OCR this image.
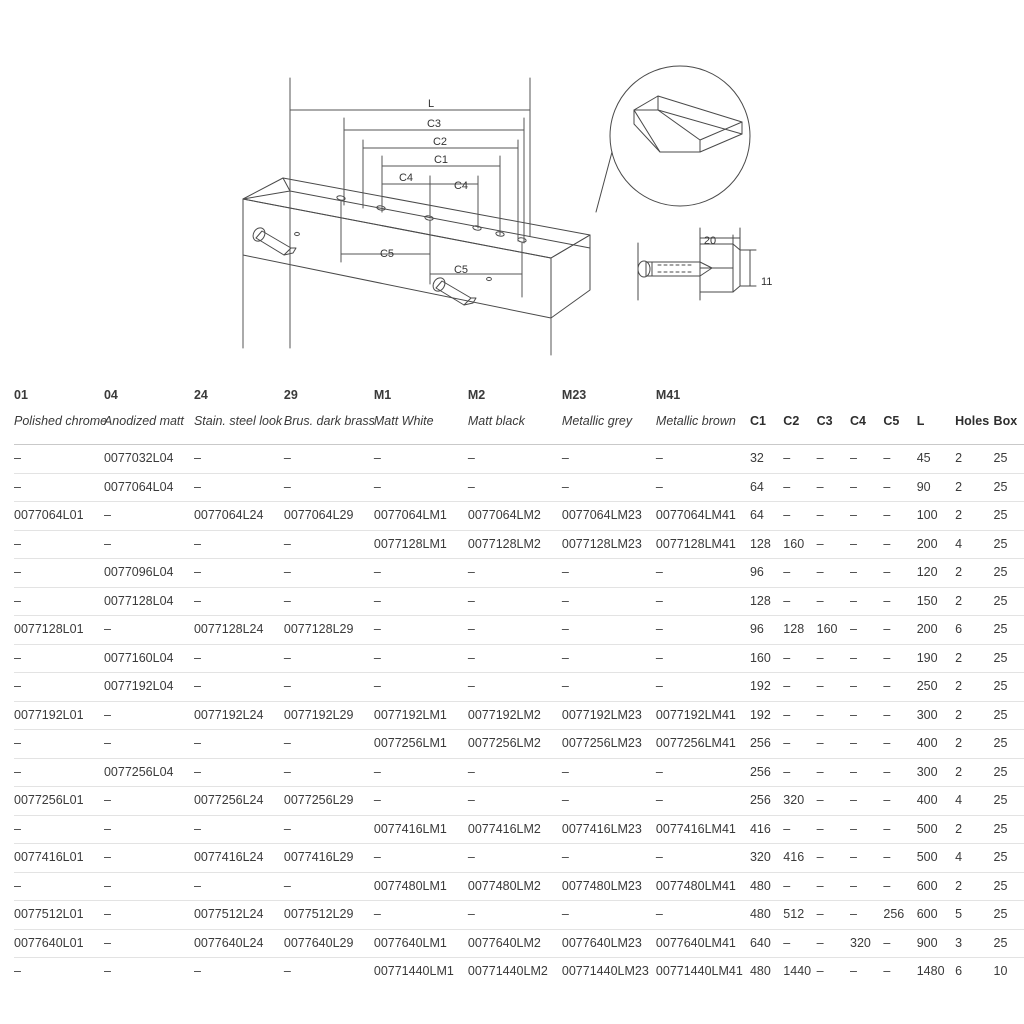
L
C3
C2
C1
C4
C4
C5
C5
20
11
01	04	24	29	M1	M2	M23	M41								
Polished chrome	Anodized matt	Stain. steel look	Brus. dark brass	Matt White	Matt black	Metallic grey	Metallic brown	C1	C2	C3	C4	C5	L	Holes	Box

–	0077032L04	–	–	–	–	–	–	32	–	–	–	–	45	2	25
–	0077064L04	–	–	–	–	–	–	64	–	–	–	–	90	2	25
0077064L01	–	0077064L24	0077064L29	0077064LM1	0077064LM2	0077064LM23	0077064LM41	64	–	–	–	–	100	2	25
–	–	–	–	0077128LM1	0077128LM2	0077128LM23	0077128LM41	128	160	–	–	–	200	4	25
–	0077096L04	–	–	–	–	–	–	96	–	–	–	–	120	2	25
–	0077128L04	–	–	–	–	–	–	128	–	–	–	–	150	2	25
0077128L01	–	0077128L24	0077128L29	–	–	–	–	96	128	160	–	–	200	6	25
–	0077160L04	–	–	–	–	–	–	160	–	–	–	–	190	2	25
–	0077192L04	–	–	–	–	–	–	192	–	–	–	–	250	2	25
0077192L01	–	0077192L24	0077192L29	0077192LM1	0077192LM2	0077192LM23	0077192LM41	192	–	–	–	–	300	2	25
–	–	–	–	0077256LM1	0077256LM2	0077256LM23	0077256LM41	256	–	–	–	–	400	2	25
–	0077256L04	–	–	–	–	–	–	256	–	–	–	–	300	2	25
0077256L01	–	0077256L24	0077256L29	–	–	–	–	256	320	–	–	–	400	4	25
–	–	–	–	0077416LM1	0077416LM2	0077416LM23	0077416LM41	416	–	–	–	–	500	2	25
0077416L01	–	0077416L24	0077416L29	–	–	–	–	320	416	–	–	–	500	4	25
–	–	–	–	0077480LM1	0077480LM2	0077480LM23	0077480LM41	480	–	–	–	–	600	2	25
0077512L01	–	0077512L24	0077512L29	–	–	–	–	480	512	–	–	256	600	5	25
0077640L01	–	0077640L24	0077640L29	0077640LM1	0077640LM2	0077640LM23	0077640LM41	640	–	–	320	–	900	3	25
–	–	–	–	00771440LM1	00771440LM2	00771440LM23	00771440LM41	480	1440	–	–	–	1480	6	10
